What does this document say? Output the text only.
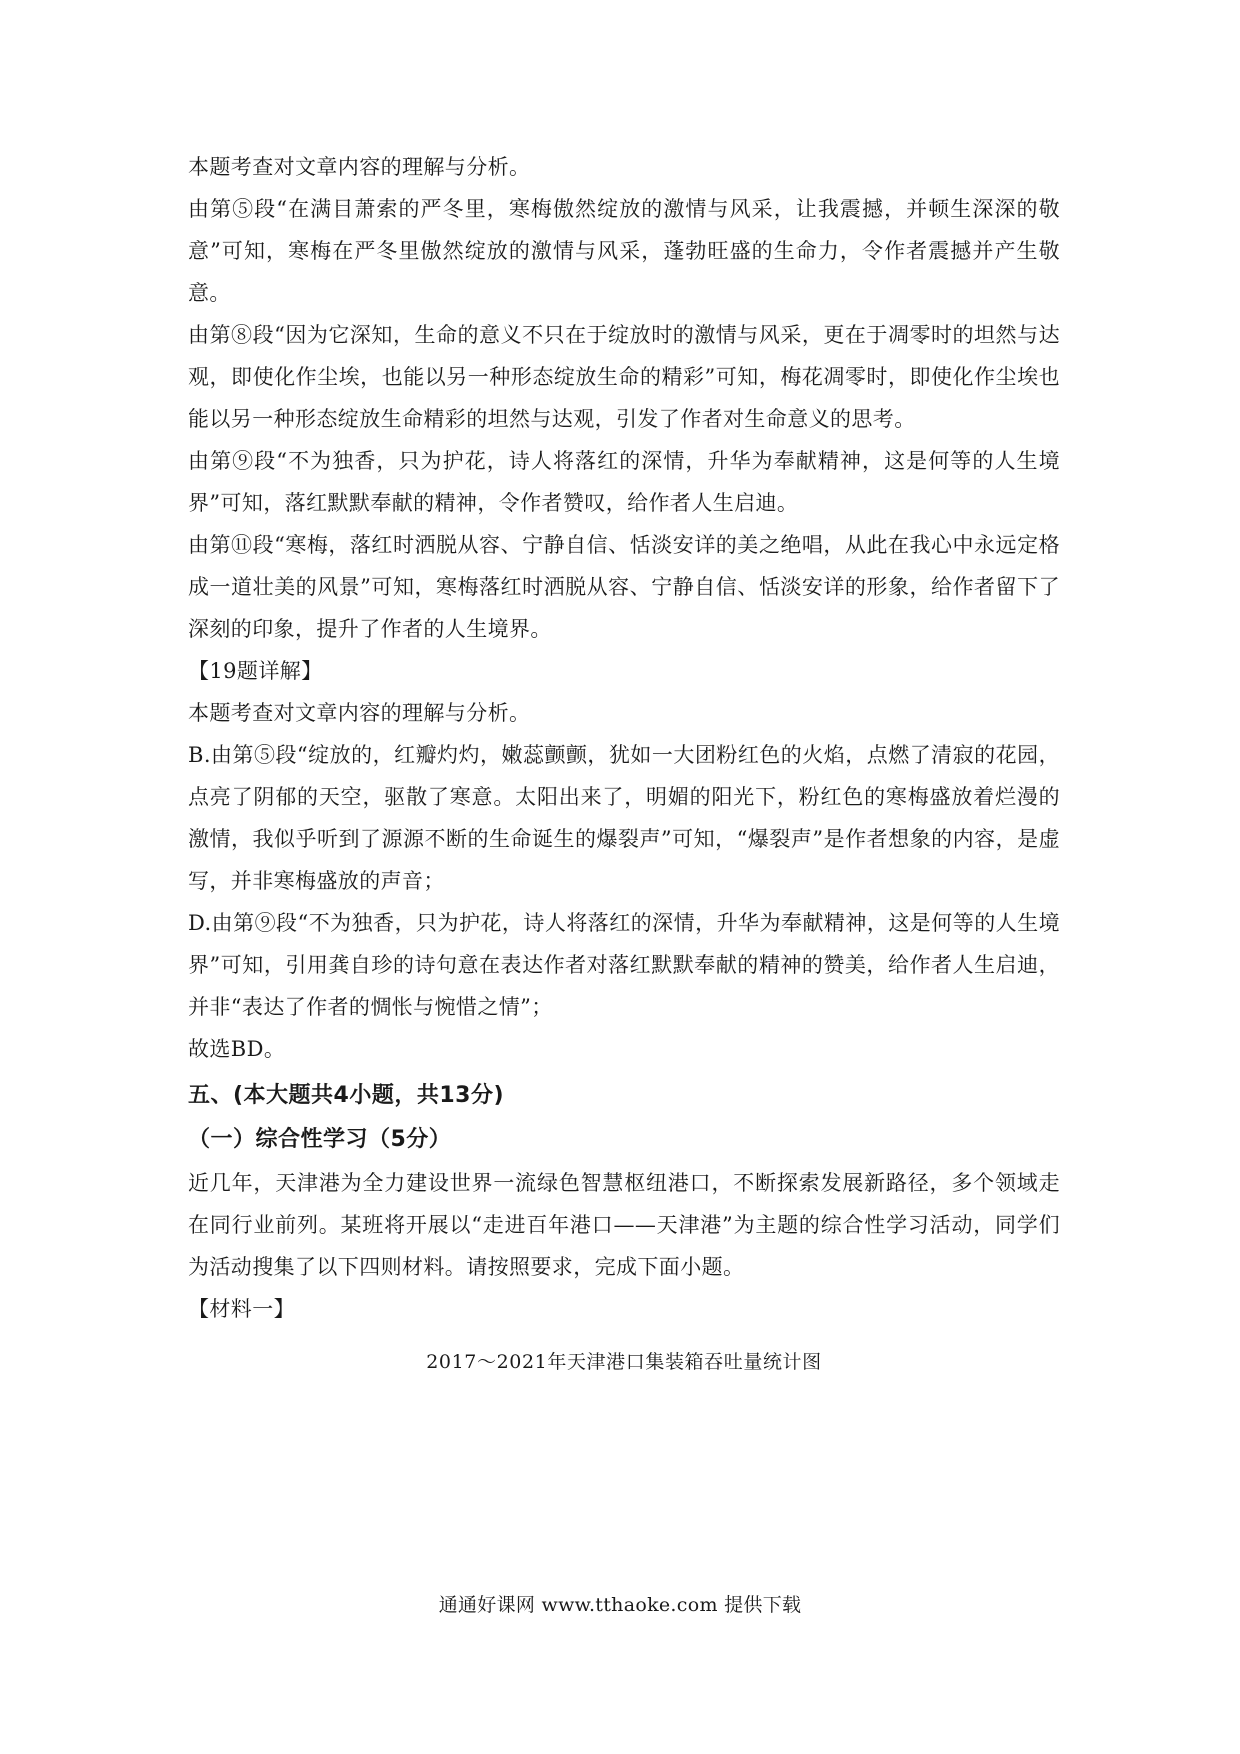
本题考查对文章内容的理解与分析。

由第⑤段“在满目萧索的严冬里，寒梅傲然绽放的激情与风采，让我震撼，并顿生深深的敬意”可知，寒梅在严冬里傲然绽放的激情与风采，蓬勃旺盛的生命力，令作者震撼并产生敬意。

由第⑧段“因为它深知，生命的意义不只在于绽放时的激情与风采，更在于凋零时的坦然与达观，即使化作尘埃，也能以另一种形态绽放生命的精彩”可知，梅花凋零时，即使化作尘埃也能以另一种形态绽放生命精彩的坦然与达观，引发了作者对生命意义的思考。

由第⑨段“不为独香，只为护花，诗人将落红的深情，升华为奉献精神，这是何等的人生境界”可知，落红默默奉献的精神，令作者赞叹，给作者人生启迪。

由第⑪段“寒梅，落红时洒脱从容、宁静自信、恬淡安详的美之绝唱，从此在我心中永远定格成一道壮美的风景”可知，寒梅落红时洒脱从容、宁静自信、恬淡安详的形象，给作者留下了深刻的印象，提升了作者的人生境界。

【19题详解】

本题考查对文章内容的理解与分析。

B.由第⑤段“绽放的，红瓣灼灼，嫩蕊颤颤，犹如一大团粉红色的火焰，点燃了清寂的花园，点亮了阴郁的天空，驱散了寒意。太阳出来了，明媚的阳光下，粉红色的寒梅盛放着烂漫的激情，我似乎听到了源源不断的生命诞生的爆裂声”可知，“爆裂声”是作者想象的内容，是虚写，并非寒梅盛放的声音；

D.由第⑨段“不为独香，只为护花，诗人将落红的深情，升华为奉献精神，这是何等的人生境界”可知，引用龚自珍的诗句意在表达作者对落红默默奉献的精神的赞美，给作者人生启迪，并非“表达了作者的惆怅与惋惜之情”；

故选BD。

五、(本大题共4小题，共13分)

（一）综合性学习（5分）

近几年，天津港为全力建设世界一流绿色智慧枢纽港口，不断探索发展新路径，多个领域走在同行业前列。某班将开展以“走进百年港口——天津港”为主题的综合性学习活动，同学们为活动搜集了以下四则材料。请按照要求，完成下面小题。

【材料一】

2017～2021年天津港口集装箱吞吐量统计图

通通好课网 www.tthaoke.com 提供下载
